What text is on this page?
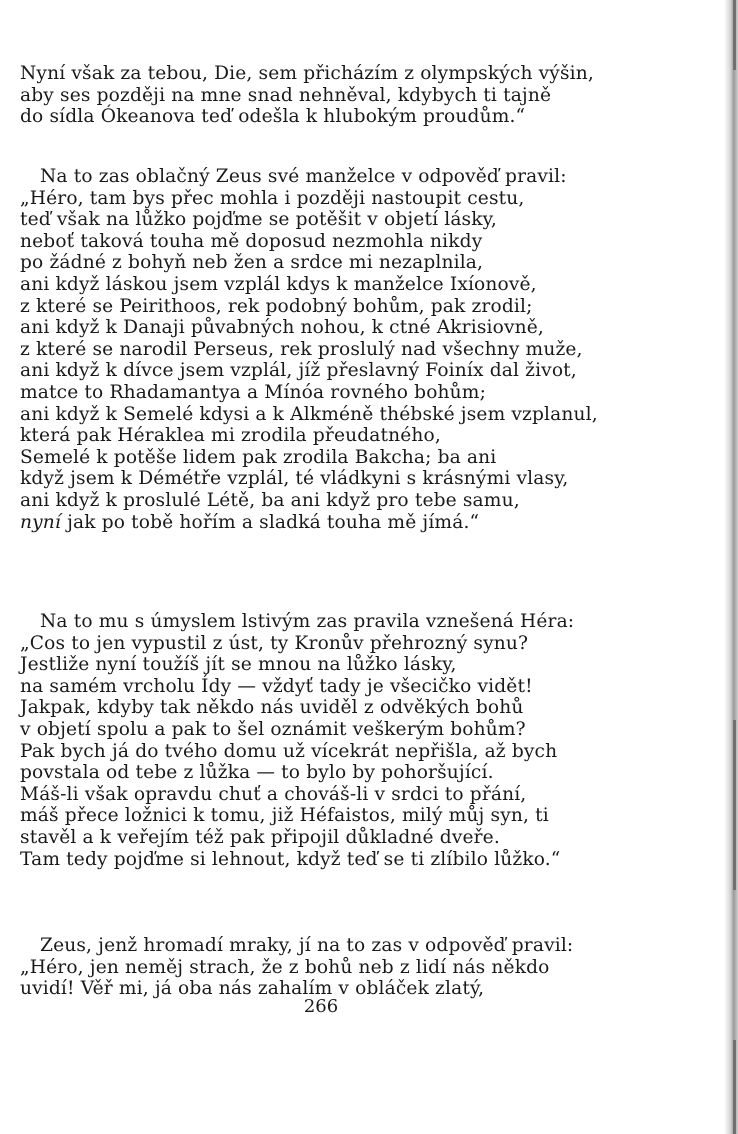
Nyní však za tebou, Die, sem přicházím z olympských výšin,
aby ses později na mne snad nehněval, kdybych ti tajně
do sídla Ókeanova teď odešla k hlubokým proudům.“
Na to zas oblačný Zeus své manželce v odpověď pravil:
„Héro, tam bys přec mohla i později nastoupit cestu,
teď však na lůžko pojďme se potěšit v objetí lásky,
neboť taková touha mě doposud nezmohla nikdy
po žádné z bohyň neb žen a srdce mi nezaplnila,
ani když láskou jsem vzplál kdys k manželce Ixíonově,
z které se Peirithoos, rek podobný bohům, pak zrodil;
ani když k Danaji půvabných nohou, k ctné Akrisiovně,
z které se narodil Perseus, rek proslulý nad všechny muže,
ani když k dívce jsem vzplál, jíž přeslavný Foiníx dal život,
matce to Rhadamantya a Mínóa rovného bohům;
ani když k Semelé kdysi a k Alkméně thébské jsem vzplanul,
která pak Héraklea mi zrodila přeudatného,
Semelé k potěše lidem pak zrodila Bakcha; ba ani
když jsem k Démétře vzplál, té vládkyni s krásnými vlasy,
ani když k proslulé Létě, ba ani když pro tebe samu,
nyní jak po tobě hořím a sladká touha mě jímá.“
Na to mu s úmyslem lstivým zas pravila vznešená Héra:
„Cos to jen vypustil z úst, ty Kronův přehrozný synu?
Jestliže nyní toužíš jít se mnou na lůžko lásky,
na samém vrcholu Ídy — vždyť tady je všecičko vidět!
Jakpak, kdyby tak někdo nás uviděl z odvěkých bohů
v objetí spolu a pak to šel oznámit veškerým bohům?
Pak bych já do tvého domu už vícekrát nepřišla, až bych
povstala od tebe z lůžka — to bylo by pohoršující.
Máš-li však opravdu chuť a chováš-li v srdci to přání,
máš přece ložnici k tomu, již Héfaistos, milý můj syn, ti
stavěl a k veřejím též pak připojil důkladné dveře.
Tam tedy pojďme si lehnout, když teď se ti zlíbilo lůžko.“
Zeus, jenž hromadí mraky, jí na to zas v odpověď pravil:
„Héro, jen neměj strach, že z bohů neb z lidí nás někdo
uvidí! Věř mi, já oba nás zahalím v obláček zlatý,
266
